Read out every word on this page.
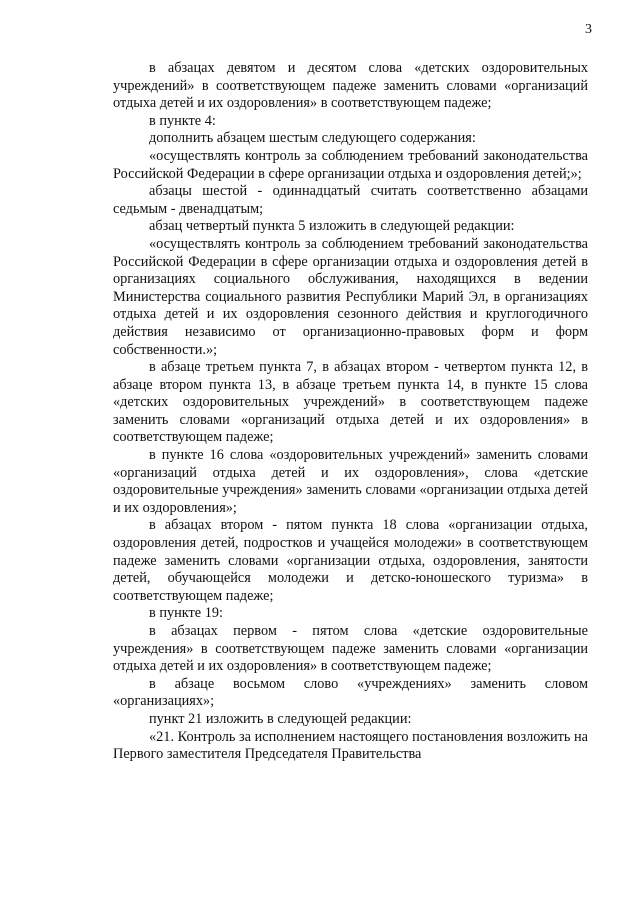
3

в абзацах девятом и десятом слова «детских оздоровительных учреждений» в соответствующем падеже заменить словами «организаций отдыха детей и их оздоровления» в соответствующем падеже;

в пункте 4:

дополнить абзацем шестым следующего содержания:

«осуществлять контроль за соблюдением требований законодательства Российской Федерации в сфере организации отдыха и оздоровления детей;»;

абзацы шестой - одиннадцатый считать соответственно абзацами седьмым - двенадцатым;

абзац четвертый пункта 5 изложить в следующей редакции:

«осуществлять контроль за соблюдением требований законодательства Российской Федерации в сфере организации отдыха и оздоровления детей в организациях социального обслуживания, находящихся в ведении Министерства социального развития Республики Марий Эл, в организациях отдыха детей и их оздоровления сезонного действия и круглогодичного действия независимо от организационно-правовых форм и форм собственности.»;

в абзаце третьем пункта 7, в абзацах втором - четвертом пункта 12, в абзаце втором пункта 13, в абзаце третьем пункта 14, в пункте 15 слова «детских оздоровительных учреждений» в соответствующем падеже заменить словами «организаций отдыха детей и их оздоровления» в соответствующем падеже;

в пункте 16 слова «оздоровительных учреждений» заменить словами «организаций отдыха детей и их оздоровления», слова «детские оздоровительные учреждения» заменить словами «организации отдыха детей и их оздоровления»;

в абзацах втором - пятом пункта 18 слова «организации отдыха, оздоровления детей, подростков и учащейся молодежи» в соответствующем падеже заменить словами «организации отдыха, оздоровления, занятости детей, обучающейся молодежи и детско-юношеского туризма» в соответствующем падеже;

в пункте 19:

в абзацах первом - пятом слова «детские оздоровительные учреждения» в соответствующем падеже заменить словами «организации отдыха детей и их оздоровления» в соответствующем падеже;

в абзаце восьмом слово «учреждениях» заменить словом «организациях»;

пункт 21 изложить в следующей редакции:

«21. Контроль за исполнением настоящего постановления возложить на Первого заместителя Председателя Правительства
